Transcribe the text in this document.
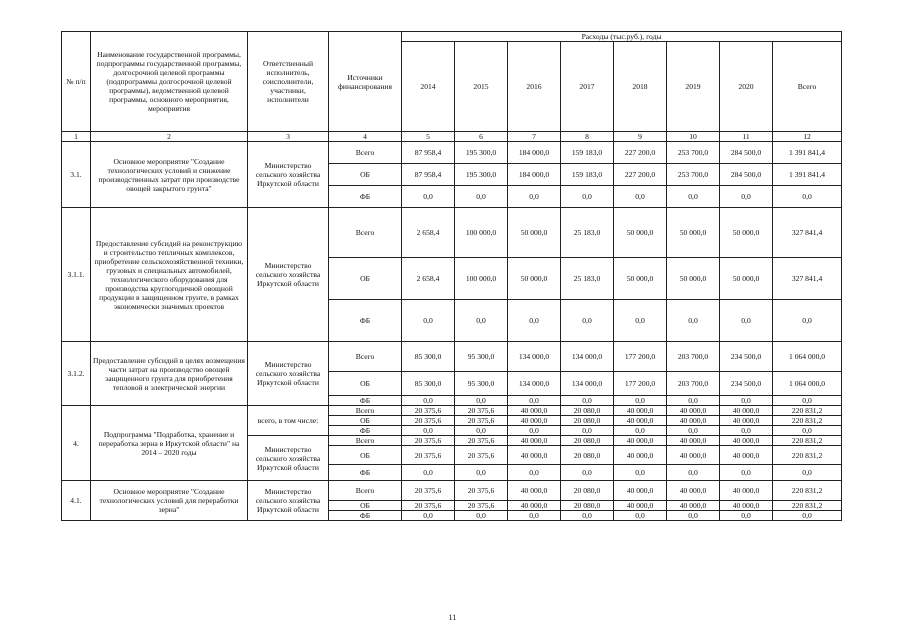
№ п/п	Наименование государственной программы, подпрограммы государственной программы, долгосрочной целевой программы (подпрограммы долгосрочной целевой программы), ведомственной целевой программы, основного мероприятия, мероприятия	Ответственный исполнитель, соисполнители, участники, исполнители	Источники финансирования	Расходы (тыс.руб.), годы							
				2014	2015	2016	2017	2018	2019	2020	Всего
1	2	3	4	5	6	7	8	9	10	11	12
3.1.	Основное мероприятие "Создание технологических условий и снижение производственных затрат при производстве овощей закрытого грунта"	Министерство сельского хозяйства Иркутской области	Всего	87 958,4	195 300,0	184 000,0	159 183,0	227 200,0	253 700,0	284 500,0	1 391 841,4
			ОБ	87 958,4	195 300,0	184 000,0	159 183,0	227 200,0	253 700,0	284 500,0	1 391 841,4
			ФБ	0,0	0,0	0,0	0,0	0,0	0,0	0,0	0,0
3.1.1.	Предоставление субсидий на реконструкцию и строительство тепличных комплексов, приобретение сельскохозяйственной техники, грузовых и специальных автомобилей, технологического оборудования для производства круглогодичной овощной продукции в защищенном грунте, в рамках экономически значимых проектов	Министерство сельского хозяйства Иркутской области	Всего	2 658,4	100 000,0	50 000,0	25 183,0	50 000,0	50 000,0	50 000,0	327 841,4
			ОБ	2 658,4	100 000,0	50 000,0	25 183,0	50 000,0	50 000,0	50 000,0	327 841,4
			ФБ	0,0	0,0	0,0	0,0	0,0	0,0	0,0	0,0
3.1.2.	Предоставление субсидий в целях возмещения части затрат на производство овощей защищенного грунта для приобретения тепловой и электрической энергии	Министерство сельского хозяйства Иркутской области	Всего	85 300,0	95 300,0	134 000,0	134 000,0	177 200,0	203 700,0	234 500,0	1 064 000,0
			ОБ	85 300,0	95 300,0	134 000,0	134 000,0	177 200,0	203 700,0	234 500,0	1 064 000,0
			ФБ	0,0	0,0	0,0	0,0	0,0	0,0	0,0	0,0
4.	Подпрограмма "Подработка, хранение и переработка зерна в Иркутской области" на 2014 – 2020 годы	всего, в том числе:	Всего	20 375,6	20 375,6	40 000,0	20 080,0	40 000,0	40 000,0	40 000,0	220 831,2
			ОБ	20 375,6	20 375,6	40 000,0	20 080,0	40 000,0	40 000,0	40 000,0	220 831,2
			ФБ	0,0	0,0	0,0	0,0	0,0	0,0	0,0	0,0
		Министерство сельского хозяйства Иркутской области	Всего	20 375,6	20 375,6	40 000,0	20 080,0	40 000,0	40 000,0	40 000,0	220 831,2
			ОБ	20 375,6	20 375,6	40 000,0	20 080,0	40 000,0	40 000,0	40 000,0	220 831,2
			ФБ	0,0	0,0	0,0	0,0	0,0	0,0	0,0	0,0
4.1.	Основное мероприятие "Создание технологических условий для переработки зерна"	Министерство сельского хозяйства Иркутской области	Всего	20 375,6	20 375,6	40 000,0	20 080,0	40 000,0	40 000,0	40 000,0	220 831,2
			ОБ	20 375,6	20 375,6	40 000,0	20 080,0	40 000,0	40 000,0	40 000,0	220 831,2
			ФБ	0,0	0,0	0,0	0,0	0,0	0,0	0,0	0,0
11
